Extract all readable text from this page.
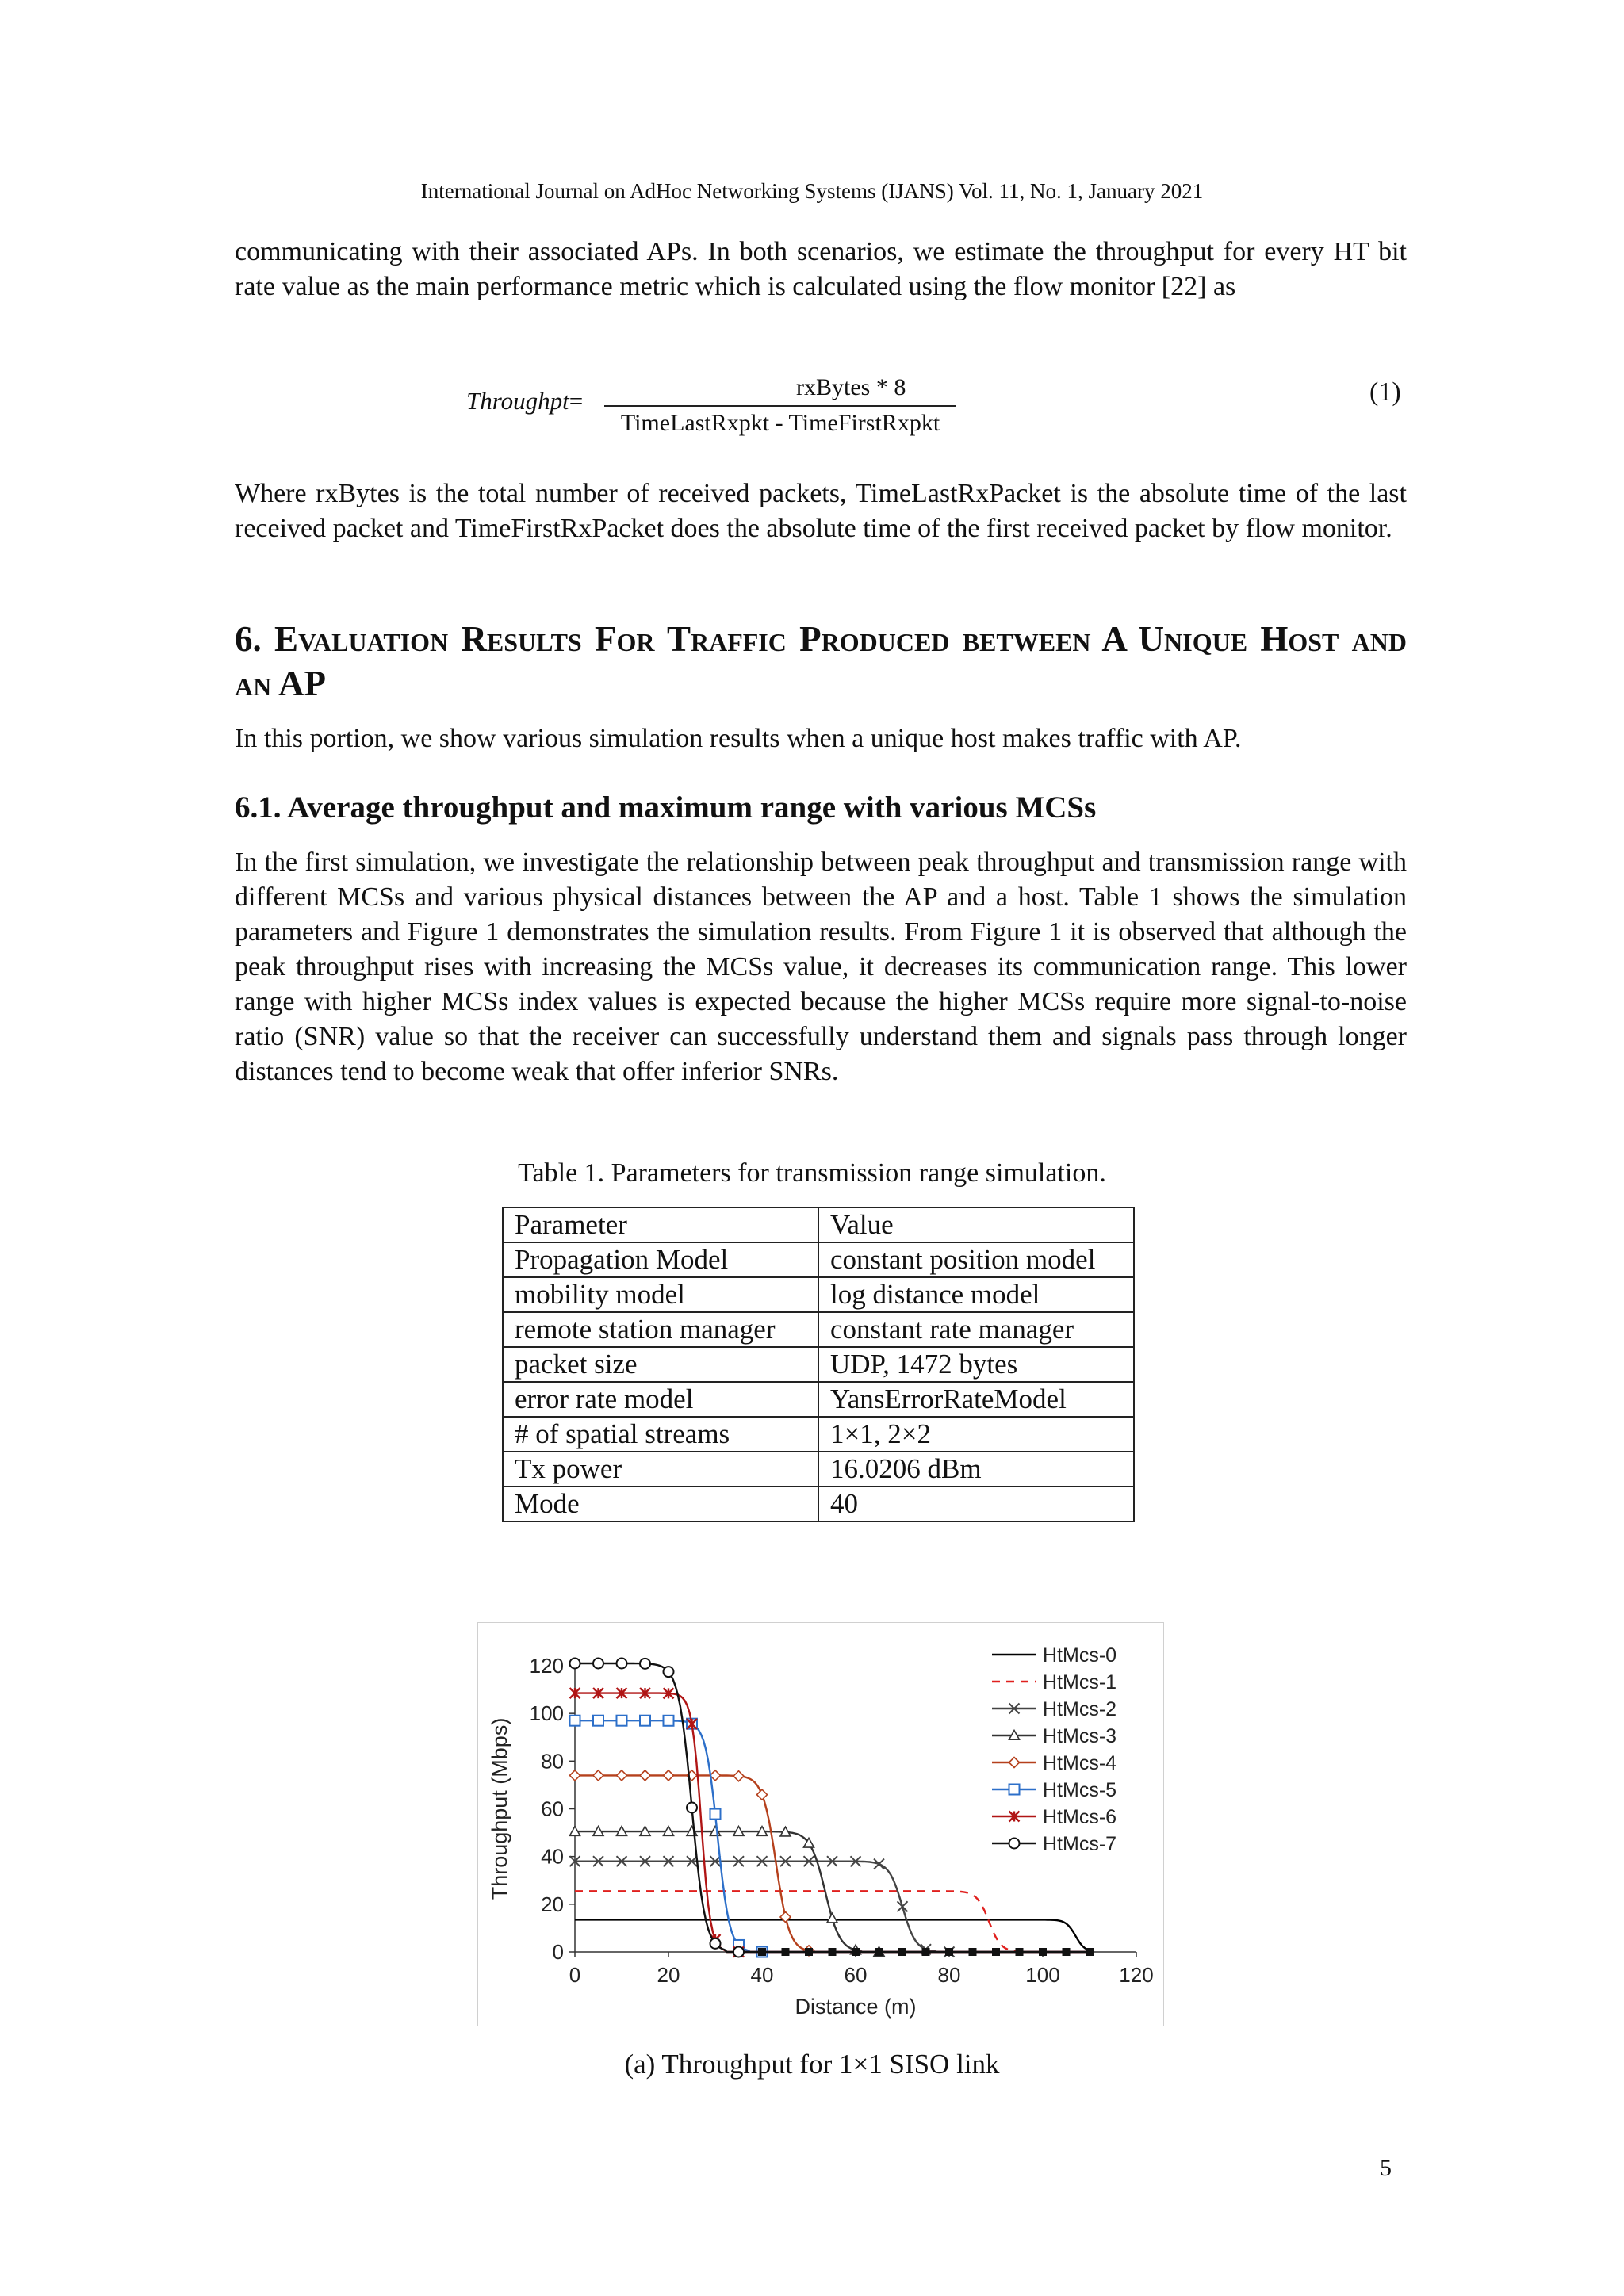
International Journal on AdHoc Networking Systems (IJANS) Vol. 11, No. 1, January 2021

communicating with their associated APs. In both scenarios, we estimate the throughput for every HT bit rate value as the main performance metric which is calculated using the flow monitor [22] as

Throughpt=	rxBytes * 8
TimeLastRxpkt - TimeFirstRxpkt
(1)

Where rxBytes is the total number of received packets, TimeLastRxPacket is the absolute time of the last received packet and TimeFirstRxPacket does the absolute time of the first received packet by flow monitor.

6. Evaluation Results For Traffic Produced between A Unique Host and an AP

In this portion, we show various simulation results when a unique host makes traffic with AP.

6.1. Average throughput and maximum range with various MCSs

In the first simulation, we investigate the relationship between peak throughput and transmission range with different MCSs and various physical distances between the AP and a host. Table 1 shows the simulation parameters and Figure 1 demonstrates the simulation results. From Figure 1 it is observed that although the peak throughput rises with increasing the MCSs value, it decreases its communication range. This lower range with higher MCSs index values is expected because the higher MCSs require more signal-to-noise ratio (SNR) value so that the receiver can successfully understand them and signals pass through longer distances tend to become weak that offer inferior SNRs.

Table 1. Parameters for transmission range simulation.
Parameter	Value
Propagation Model	constant position model
mobility model	log distance model
remote station manager	constant rate manager
packet size	UDP, 1472 bytes
error rate model	YansErrorRateModel
# of spatial streams	1×1, 2×2
Tx power	16.0206 dBm
Mode	40
0
20
40
60
80
100
120
0	20	40	60	80	100	120
Distance (m)
Throughput (Mbps)
HtMcs-0
HtMcs-1
HtMcs-2
HtMcs-3
HtMcs-4
HtMcs-5
HtMcs-6
HtMcs-7
(a) Throughput for 1×1 SISO link
5
